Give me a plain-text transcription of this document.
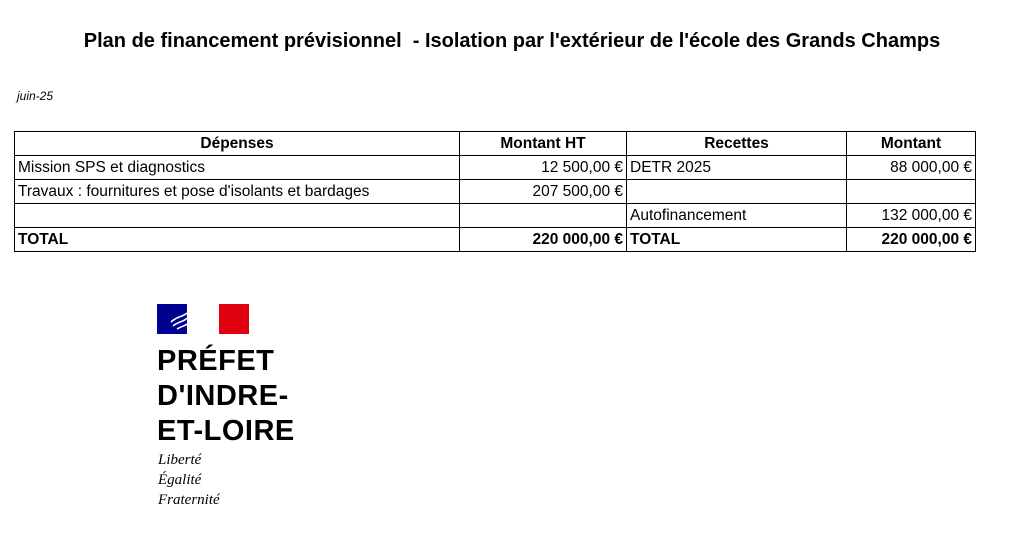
Plan de financement prévisionnel  - Isolation par l'extérieur de l'école des Grands Champs
juin-25
Dépenses	Montant HT	Recettes	Montant
Mission SPS et diagnostics	12 500,00 €	DETR 2025	88 000,00 €
Travaux : fournitures et pose d'isolants et bardages	207 500,00 €		
		Autofinancement	132 000,00 €
TOTAL	220 000,00 €	TOTAL	220 000,00 €
PRÉFET
D'INDRE-
ET-LOIRE
Liberté
Égalité
Fraternité
